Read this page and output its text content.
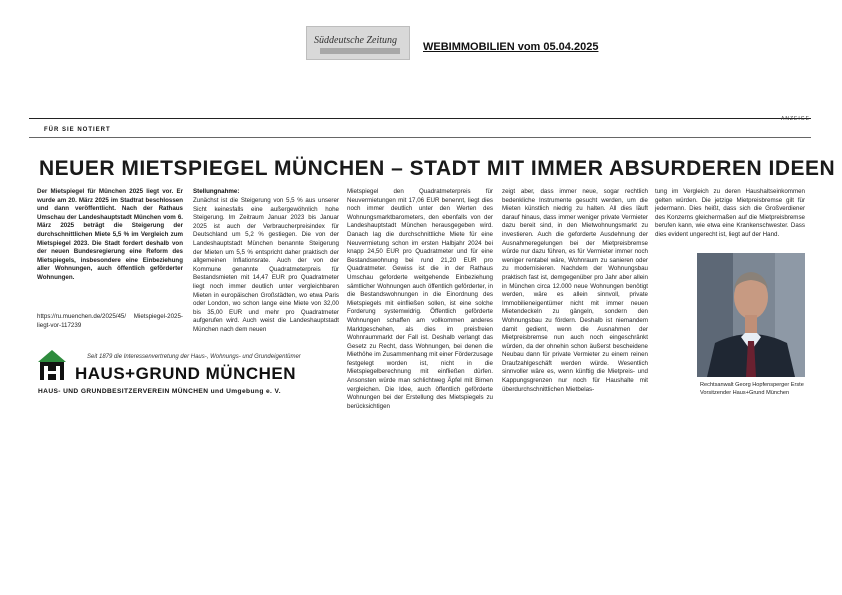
Süddeutsche Zeitung
WEBIMMOBILIEN vom 05.04.2025
ANZEIGE
FÜR SIE NOTIERT
NEUER MIETSPIEGEL MÜNCHEN – STADT MIT IMMER ABSURDEREN IDEEN
Der Mietspiegel für München 2025 liegt vor. Er wurde am 20. März 2025 im Stadtrat beschlossen und dann veröffentlicht. Nach der Rathaus Umschau der Landeshauptstadt München vom 6. März 2025 beträgt die Steigerung der durchschnittlichen Miete 5,5 % im Vergleich zum Mietspiegel 2023. Die Stadt fordert deshalb von der neuen Bundesregierung eine Reform des Mietspiegels, insbesondere eine Einbeziehung aller Wohnungen, auch öffentlich geförderter Wohnungen.
https://ru.muenchen.de/2025/45/ Mietspiegel-2025-liegt-vor-117239
Stellungnahme:
Zunächst ist die Steigerung von 5,5 % aus unserer Sicht keinesfalls eine außergewöhnlich hohe Steigerung. Im Zeitraum Januar 2023 bis Januar 2025 ist auch der Verbraucherpreisindex für Deutschland um 5,2 % gestiegen. Die von der Landeshauptstadt München benannte Steigerung der Mieten um 5,5 % entspricht daher praktisch der allgemeinen Inflationsrate. Auch der von der Kommune genannte Quadratmeterpreis für Bestandsmieten mit 14,47 EUR pro Quadratmeter liegt noch immer deutlich unter vergleichbaren Mieten in europäischen Großstädten, wo etwa Paris oder London, wo schon lange eine Miete von 32,00 bis 35,00 EUR und mehr pro Quadratmeter aufgerufen wird. Auch weist die Landeshauptstadt München nach dem neuen
Mietspiegel den Quadratmeterpreis für Neuvermietungen mit 17,06 EUR benennt, liegt dies noch immer deutlich unter den Werten des Wohnungsmarktbarometers, den ebenfalls von der Landeshauptstadt München herausgegeben wird. Danach lag die durchschnittliche Miete für eine Neuvermietung schon im ersten Halbjahr 2024 bei knapp 24,50 EUR pro Quadratmeter und für eine Bestandswohnung bei rund 21,20 EUR pro Quadratmeter. Gewiss ist die in der Rathaus Umschau geforderte weitgehende Einbeziehung sämtlicher Wohnungen auch öffentlich geförderter, in die Bestandswohnungen in die Einordnung des Mietspiegels mit einfließen sollen, ist eine solche Forderung systemwidrig. Öffentlich geförderte Wohnungen schaffen am vollkommen anderes Marktgeschehen, als dies im preisfreien Wohnraummarkt der Fall ist. Deshalb verlangt das Gesetz zu Recht, dass Wohnungen, bei denen die Miethöhe im Zusammenhang mit einer Förderzusage festgelegt worden ist, nicht in die Mietspiegelberechnung mit einfließen dürfen. Ansonsten würde man schlichtweg Äpfel mit Birnen vergleichen. Die Idee, auch öffentlich geförderte Wohnungen bei der Erstellung des Mietspiegels zu berücksichtigen
zeigt aber, dass immer neue, sogar rechtlich bedenkliche Instrumente gesucht werden, um die Mieten künstlich niedrig zu halten. All dies läuft darauf hinaus, dass immer weniger private Vermieter dazu bereit sind, in den Mietwohnungsmarkt zu investieren. Auch die geforderte Ausdehnung der Ausnahmeregelungen bei der Mietpreisbremse würde nur dazu führen, es für Vermieter immer noch weniger rentabel wäre, Wohnraum zu sanieren oder zu modernisieren. Nachdem der Wohnungsbau praktisch fast ist, demgegenüber pro Jahr aber allein in München circa 12.000 neue Wohnungen benötigt werden, wäre es allein sinnvoll, private Immobilieneigentümer nicht mit immer neuen Mietendeckeln zu gängeln, sondern den Wohnungsbau zu fördern. Deshalb ist niemandem damit gedient, wenn die Ausnahmen der Mietpreisbremse nun auch noch eingeschränkt würden, da der ohnehin schon äußerst bescheidene Neubau dann für private Vermieter zu einem reinen Draufzahlgeschäft werden würde. Wesentlich sinnvoller wäre es, wenn künftig die Mietpreis- und Kappungsgrenzen nur noch für Haushalte mit überdurchschnittlichen Mietbelas-
tung im Vergleich zu deren Haushaltseinkommen gelten würden. Die jetzige Mietpreisbremse gilt für jedermann. Dies heißt, dass sich die Großverdiener des Konzerns gleichermaßen auf die Mietpreisbremse berufen kann, wie etwa eine Krankenschwester. Dass dies evident ungerecht ist, liegt auf der Hand.
Rechtsanwalt Georg Hopfensperger Erste Vorsitzender Haus+Grund München
Seit 1879 die Interessenvertretung der Haus-, Wohnungs- und Grundeigentümer
HAUS+GRUND MÜNCHEN
HAUS- UND GRUNDBESITZERVEREIN MÜNCHEN und Umgebung e. V.
